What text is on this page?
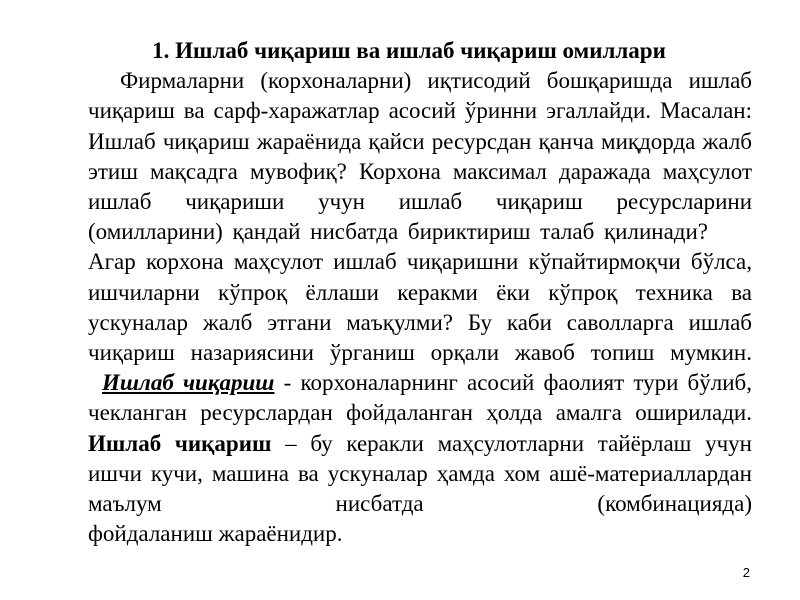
1. Ишлаб чиқариш ва ишлаб чиқариш омиллари

Фирмаларни (корхоналарни) иқтисодий бошқаришда ишлаб чиқариш ва сарф-харажатлар асосий ўринни эгаллайди. Масалан: Ишлаб чиқариш жараёнида қайси ресурсдан қанча миқдорда жалб этиш мақсадга мувофиқ? Корхона максимал даражада маҳсулот ишлаб чиқариши учун ишлаб чиқариш ресурсларини (омилларини) қандай нисбатда бириктириш талаб қилинади?Агар корхона маҳсулот ишлаб чиқаришни кўпайтирмоқчи бўлса, ишчиларни кўпроқ ёллаши керакми ёки кўпроқ техника ва ускуналар жалб этгани маъқулми? Бу каби саволларга ишлаб чиқариш назариясини ўрганиш орқали жавоб топиш мумкин.

Ишлаб чиқариш - корхоналарнинг асосий фаолият тури бўлиб, чекланган ресурслардан фойдаланган ҳолда амалга оширилади. Ишлаб чиқариш – бу керакли маҳсулотларни тайёрлаш учун ишчи кучи, машина ва ускуналар ҳамда хом ашё-материаллардан маълум нисбатда (комбинацияда)

фойдаланиш жараёнидир.

2
